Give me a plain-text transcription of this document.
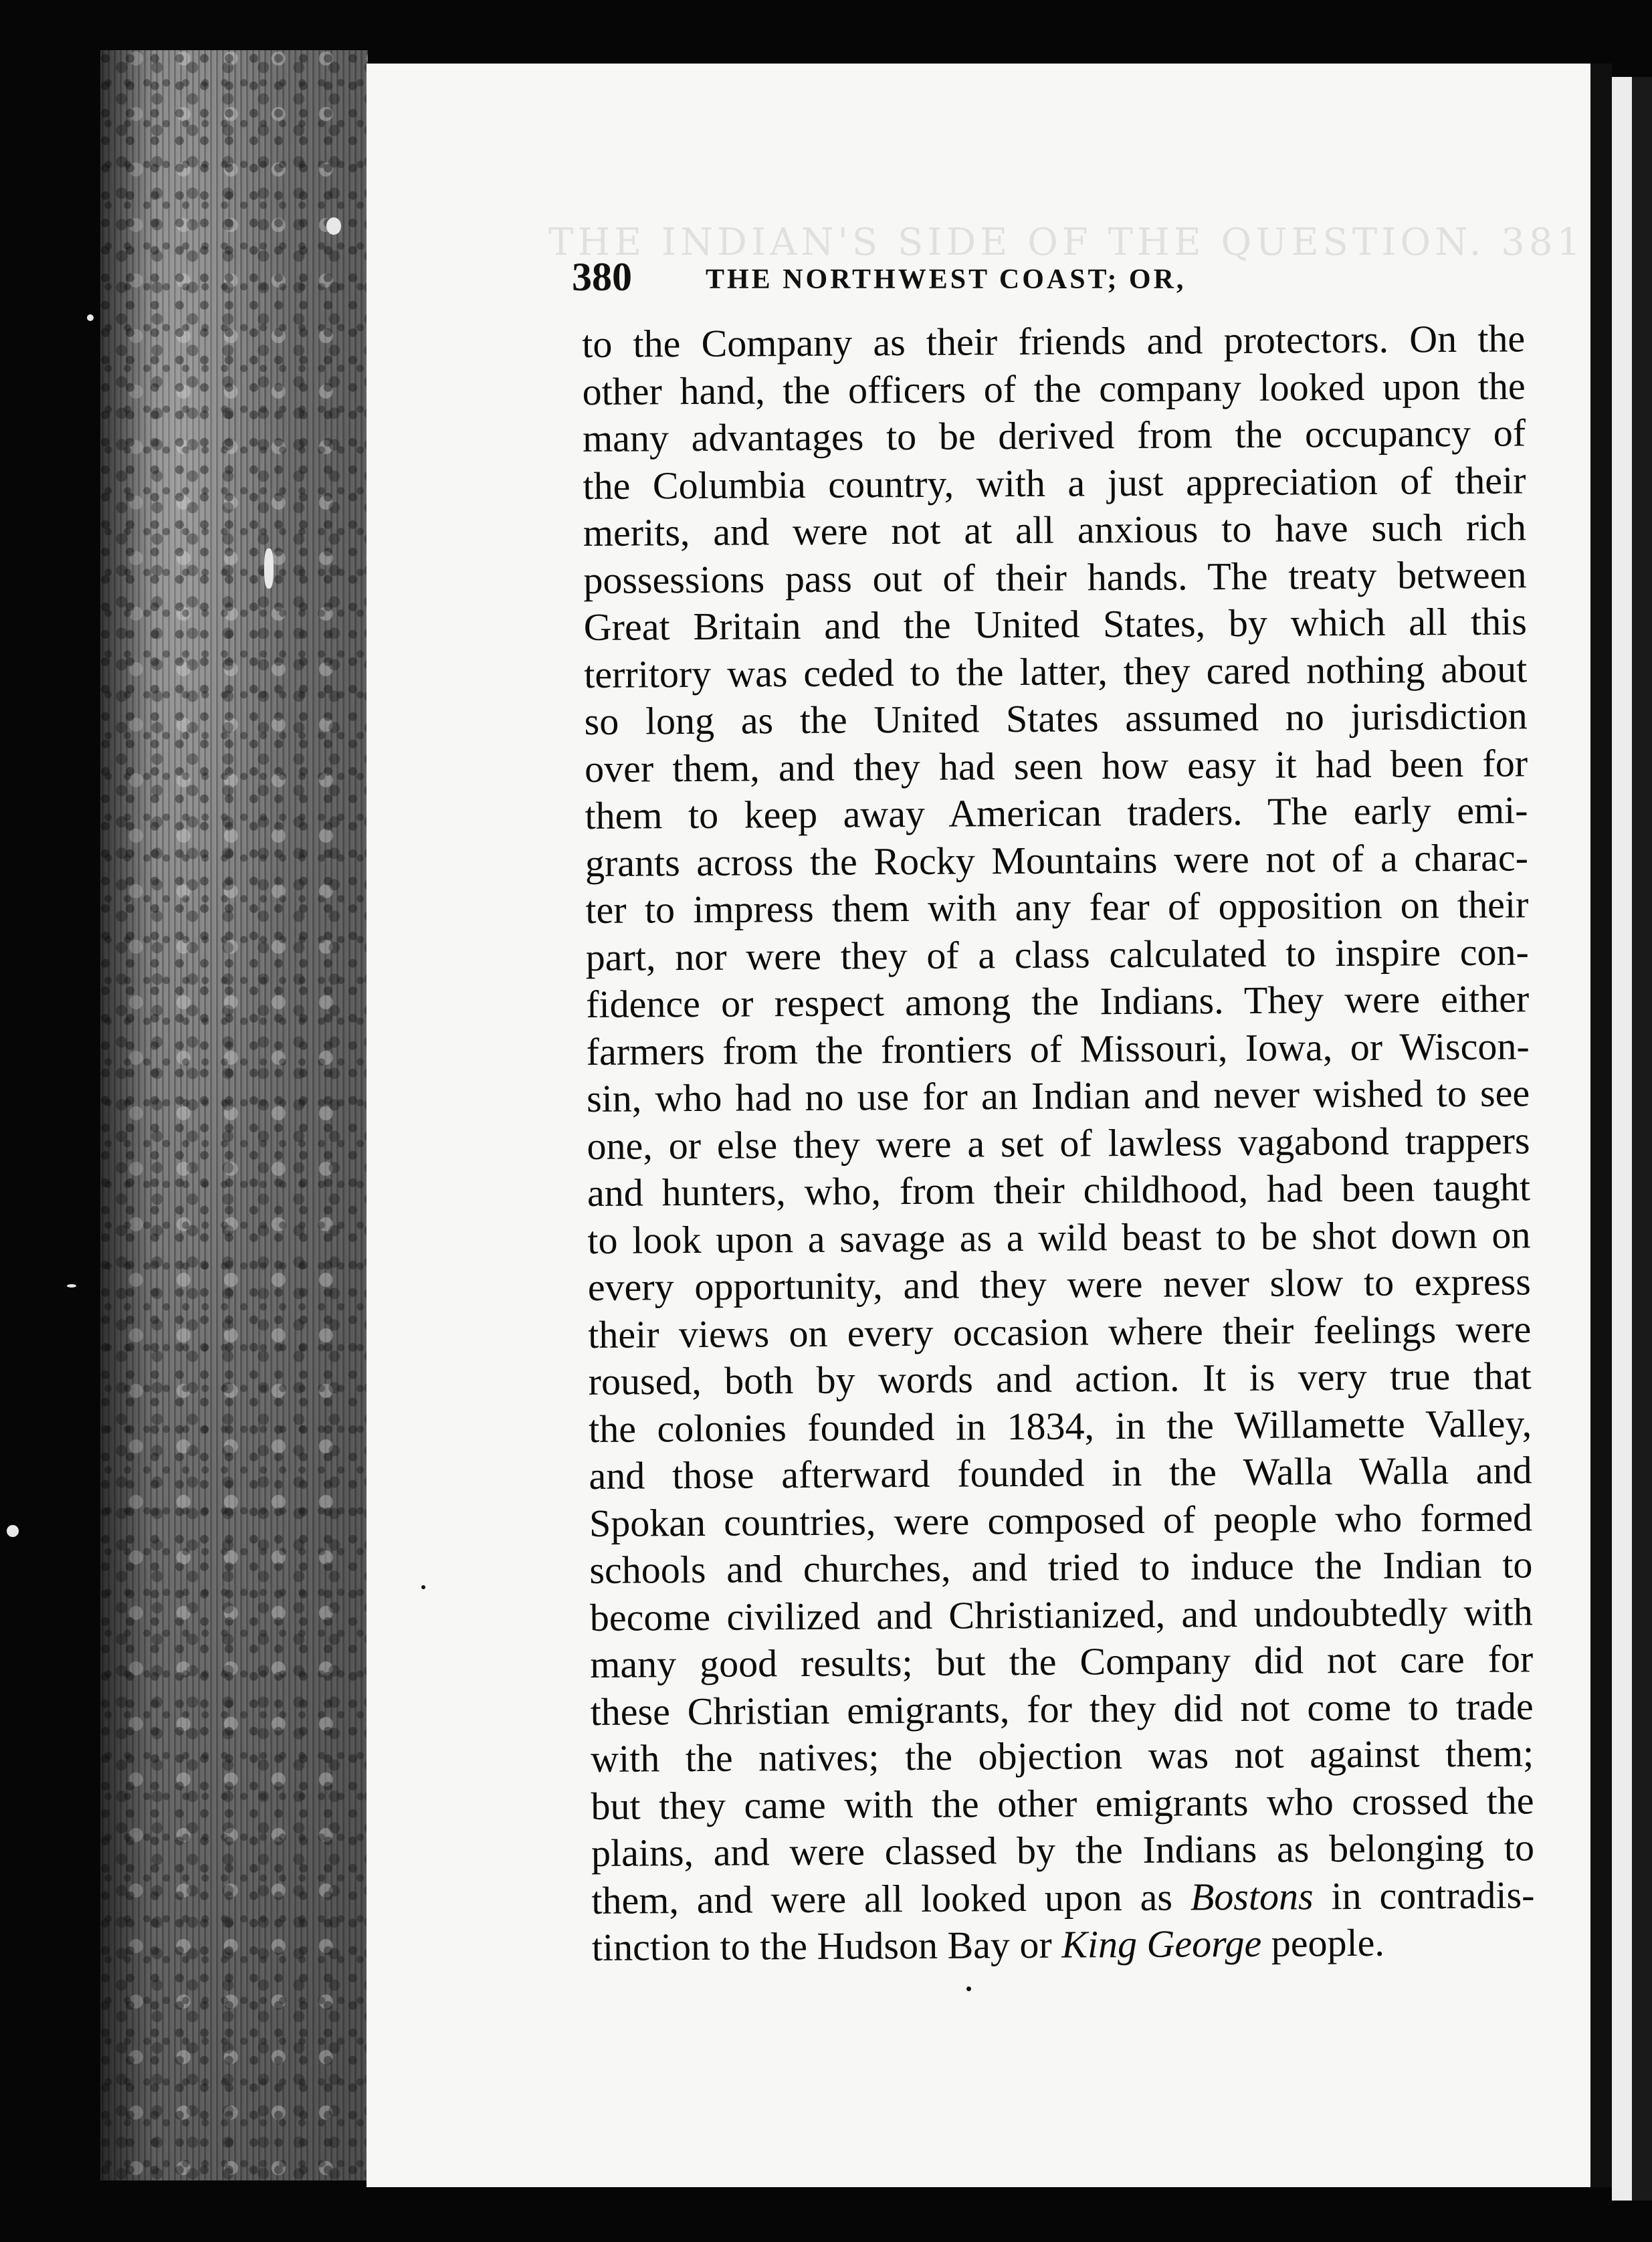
THE INDIAN'S SIDE OF THE QUESTION. 381
380	THE NORTHWEST COAST; OR,
to the Company as their friends and protectors. On the
other hand, the officers of the company looked upon the
many advantages to be derived from the occupancy of
the Columbia country, with a just appreciation of their
merits, and were not at all anxious to have such rich
possessions pass out of their hands. The treaty between
Great Britain and the United States, by which all this
territory was ceded to the latter, they cared nothing about
so long as the United States assumed no jurisdiction
over them, and they had seen how easy it had been for
them to keep away American traders. The early emi-
grants across the Rocky Mountains were not of a charac-
ter to impress them with any fear of opposition on their
part, nor were they of a class calculated to inspire con-
fidence or respect among the Indians. They were either
farmers from the frontiers of Missouri, Iowa, or Wiscon-
sin, who had no use for an Indian and never wished to see
one, or else they were a set of lawless vagabond trappers
and hunters, who, from their childhood, had been taught
to look upon a savage as a wild beast to be shot down on
every opportunity, and they were never slow to express
their views on every occasion where their feelings were
roused, both by words and action. It is very true that
the colonies founded in 1834, in the Willamette Valley,
and those afterward founded in the Walla Walla and
Spokan countries, were composed of people who formed
schools and churches, and tried to induce the Indian to
become civilized and Christianized, and undoubtedly with
many good results; but the Company did not care for
these Christian emigrants, for they did not come to trade
with the natives; the objection was not against them;
but they came with the other emigrants who crossed the
plains, and were classed by the Indians as belonging to
them, and were all looked upon as Bostons in contradis-
tinction to the Hudson Bay or King George people.
